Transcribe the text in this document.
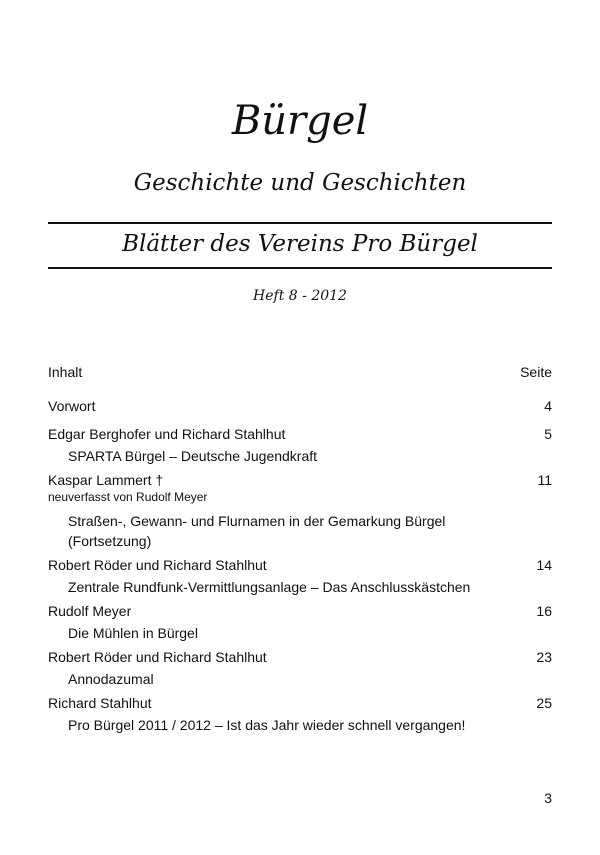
Bürgel
Geschichte und Geschichten
Blätter des Vereins Pro Bürgel
Heft 8 - 2012
Inhalt	Seite
Vorwort	4
Edgar Berghofer und Richard Stahlhut	5
SPARTA Bürgel – Deutsche Jugendkraft
Kaspar Lammert †	11
neuverfasst von Rudolf Meyer
Straßen-, Gewann- und Flurnamen in der Gemarkung Bürgel (Fortsetzung)
Robert Röder und Richard Stahlhut	14
Zentrale Rundfunk-Vermittlungsanlage – Das Anschlusskästchen
Rudolf Meyer	16
Die Mühlen in Bürgel
Robert Röder und Richard Stahlhut	23
Annodazumal
Richard Stahlhut	25
Pro Bürgel 2011 / 2012 – Ist das Jahr wieder schnell vergangen!
3
